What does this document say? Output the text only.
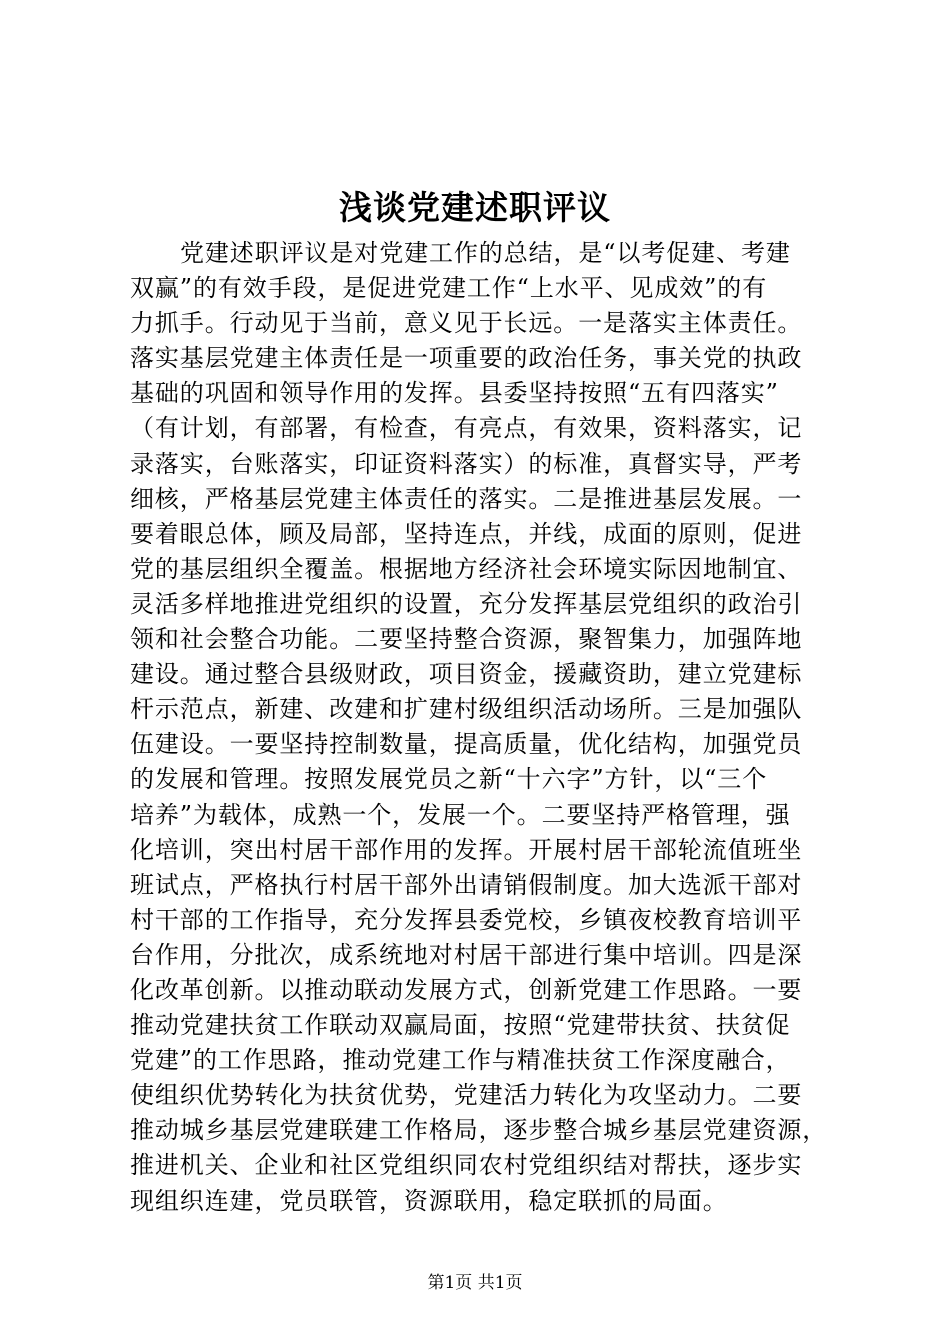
浅谈党建述职评议
党建述职评议是对党建工作的总结，是“以考促建、考建
双赢”的有效手段，是促进党建工作“上水平、见成效”的有
力抓手。行动见于当前，意义见于长远。一是落实主体责任。
落实基层党建主体责任是一项重要的政治任务，事关党的执政
基础的巩固和领导作用的发挥。县委坚持按照“五有四落实”
（有计划，有部署，有检查，有亮点，有效果，资料落实，记
录落实，台账落实，印证资料落实）的标准，真督实导，严考
细核，严格基层党建主体责任的落实。二是推进基层发展。一
要着眼总体，顾及局部，坚持连点，并线，成面的原则，促进
党的基层组织全覆盖。根据地方经济社会环境实际因地制宜、
灵活多样地推进党组织的设置，充分发挥基层党组织的政治引
领和社会整合功能。二要坚持整合资源，聚智集力，加强阵地
建设。通过整合县级财政，项目资金，援藏资助，建立党建标
杆示范点，新建、改建和扩建村级组织活动场所。三是加强队
伍建设。一要坚持控制数量，提高质量，优化结构，加强党员
的发展和管理。按照发展党员之新“十六字”方针，以“三个
培养”为载体，成熟一个，发展一个。二要坚持严格管理，强
化培训，突出村居干部作用的发挥。开展村居干部轮流值班坐
班试点，严格执行村居干部外出请销假制度。加大选派干部对
村干部的工作指导，充分发挥县委党校，乡镇夜校教育培训平
台作用，分批次，成系统地对村居干部进行集中培训。四是深
化改革创新。以推动联动发展方式，创新党建工作思路。一要
推动党建扶贫工作联动双赢局面，按照“党建带扶贫、扶贫促
党建”的工作思路，推动党建工作与精准扶贫工作深度融合，
使组织优势转化为扶贫优势，党建活力转化为攻坚动力。二要
推动城乡基层党建联建工作格局，逐步整合城乡基层党建资源，
推进机关、企业和社区党组织同农村党组织结对帮扶，逐步实
现组织连建，党员联管，资源联用，稳定联抓的局面。
第1页 共1页
